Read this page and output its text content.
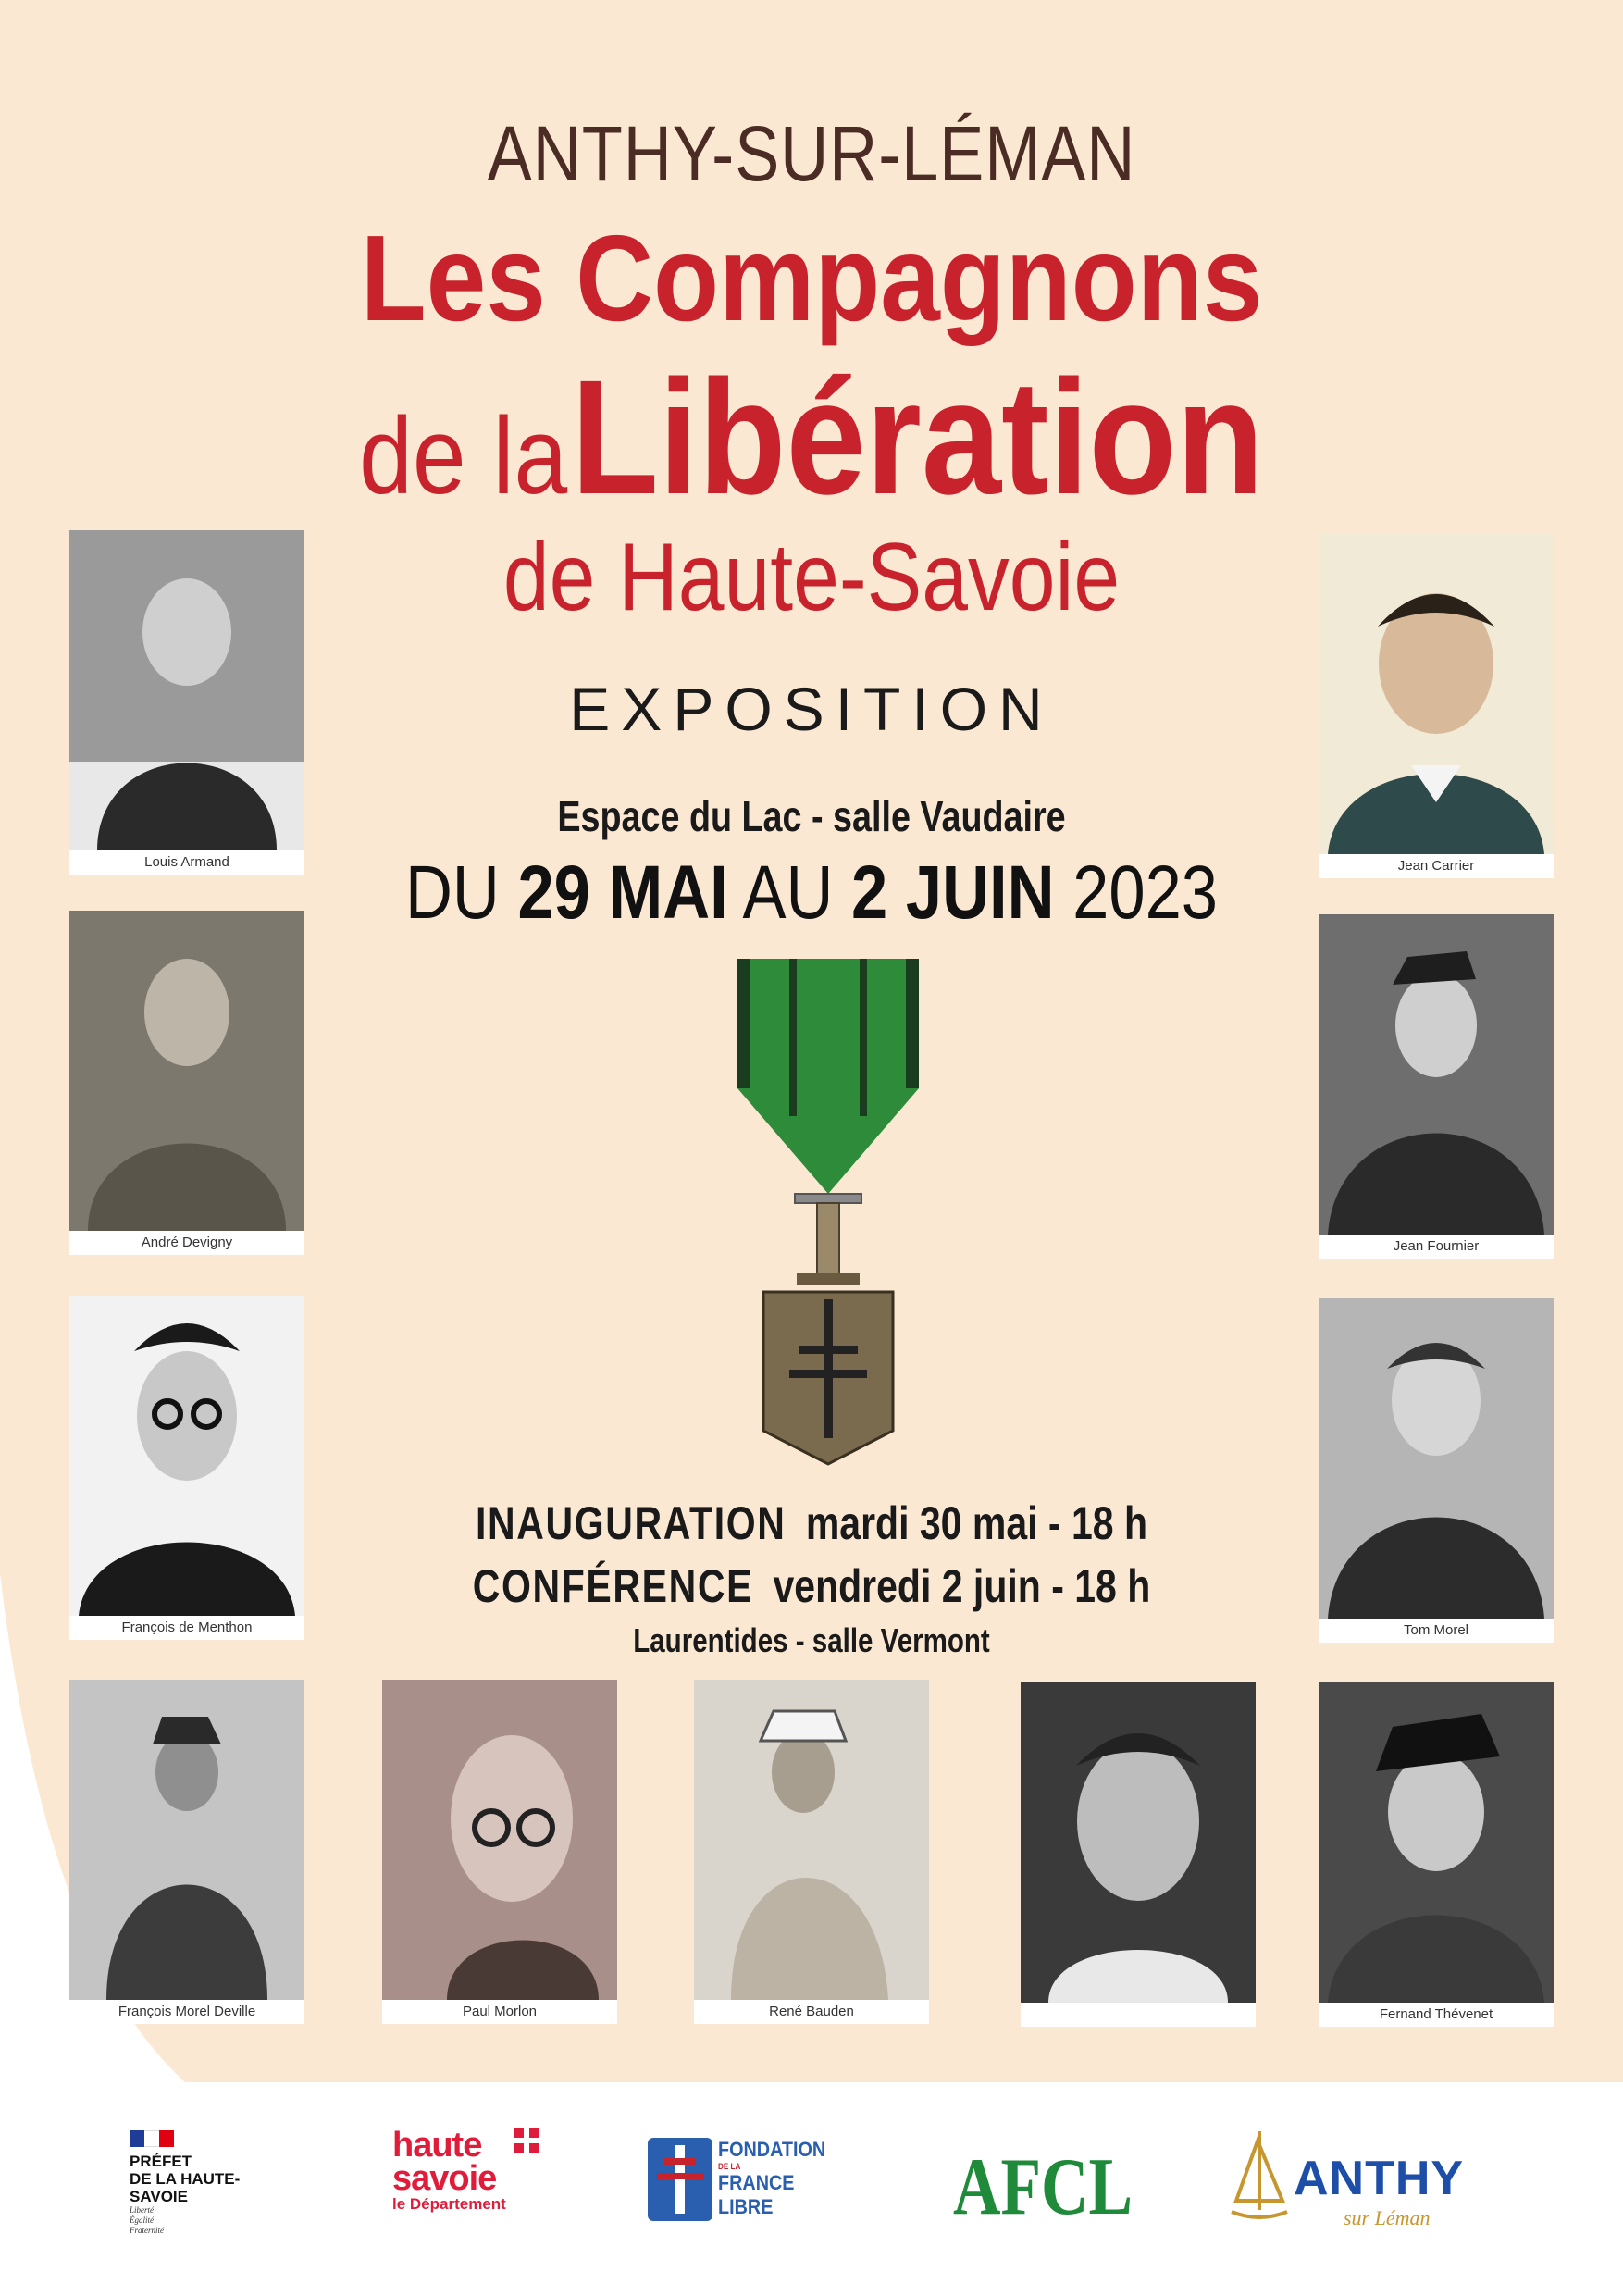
ANTHY-SUR-LÉMAN
Les Compagnons
de la Libération
de Haute-Savoie
EXPOSITION
Espace du Lac - salle Vaudaire
DU 29 MAI AU 2 JUIN 2023
INAUGURATION mardi 30 mai - 18 h
CONFÉRENCE vendredi 2 juin - 18 h
Laurentides - salle Vermont
Louis Armand
André Devigny
François de Menthon
François Morel Deville	Paul Morlon	René Bauden
Jean Carrier
Jean Fournier
Tom Morel
Fernand Thévenet
PRÉFET
DE LA HAUTE-SAVOIE
Liberté
Égalité
Fraternité
haute
savoie
le Département
FONDATION
DE LA
FRANCE LIBRE	AFCL	ANTHY
sur Léman
